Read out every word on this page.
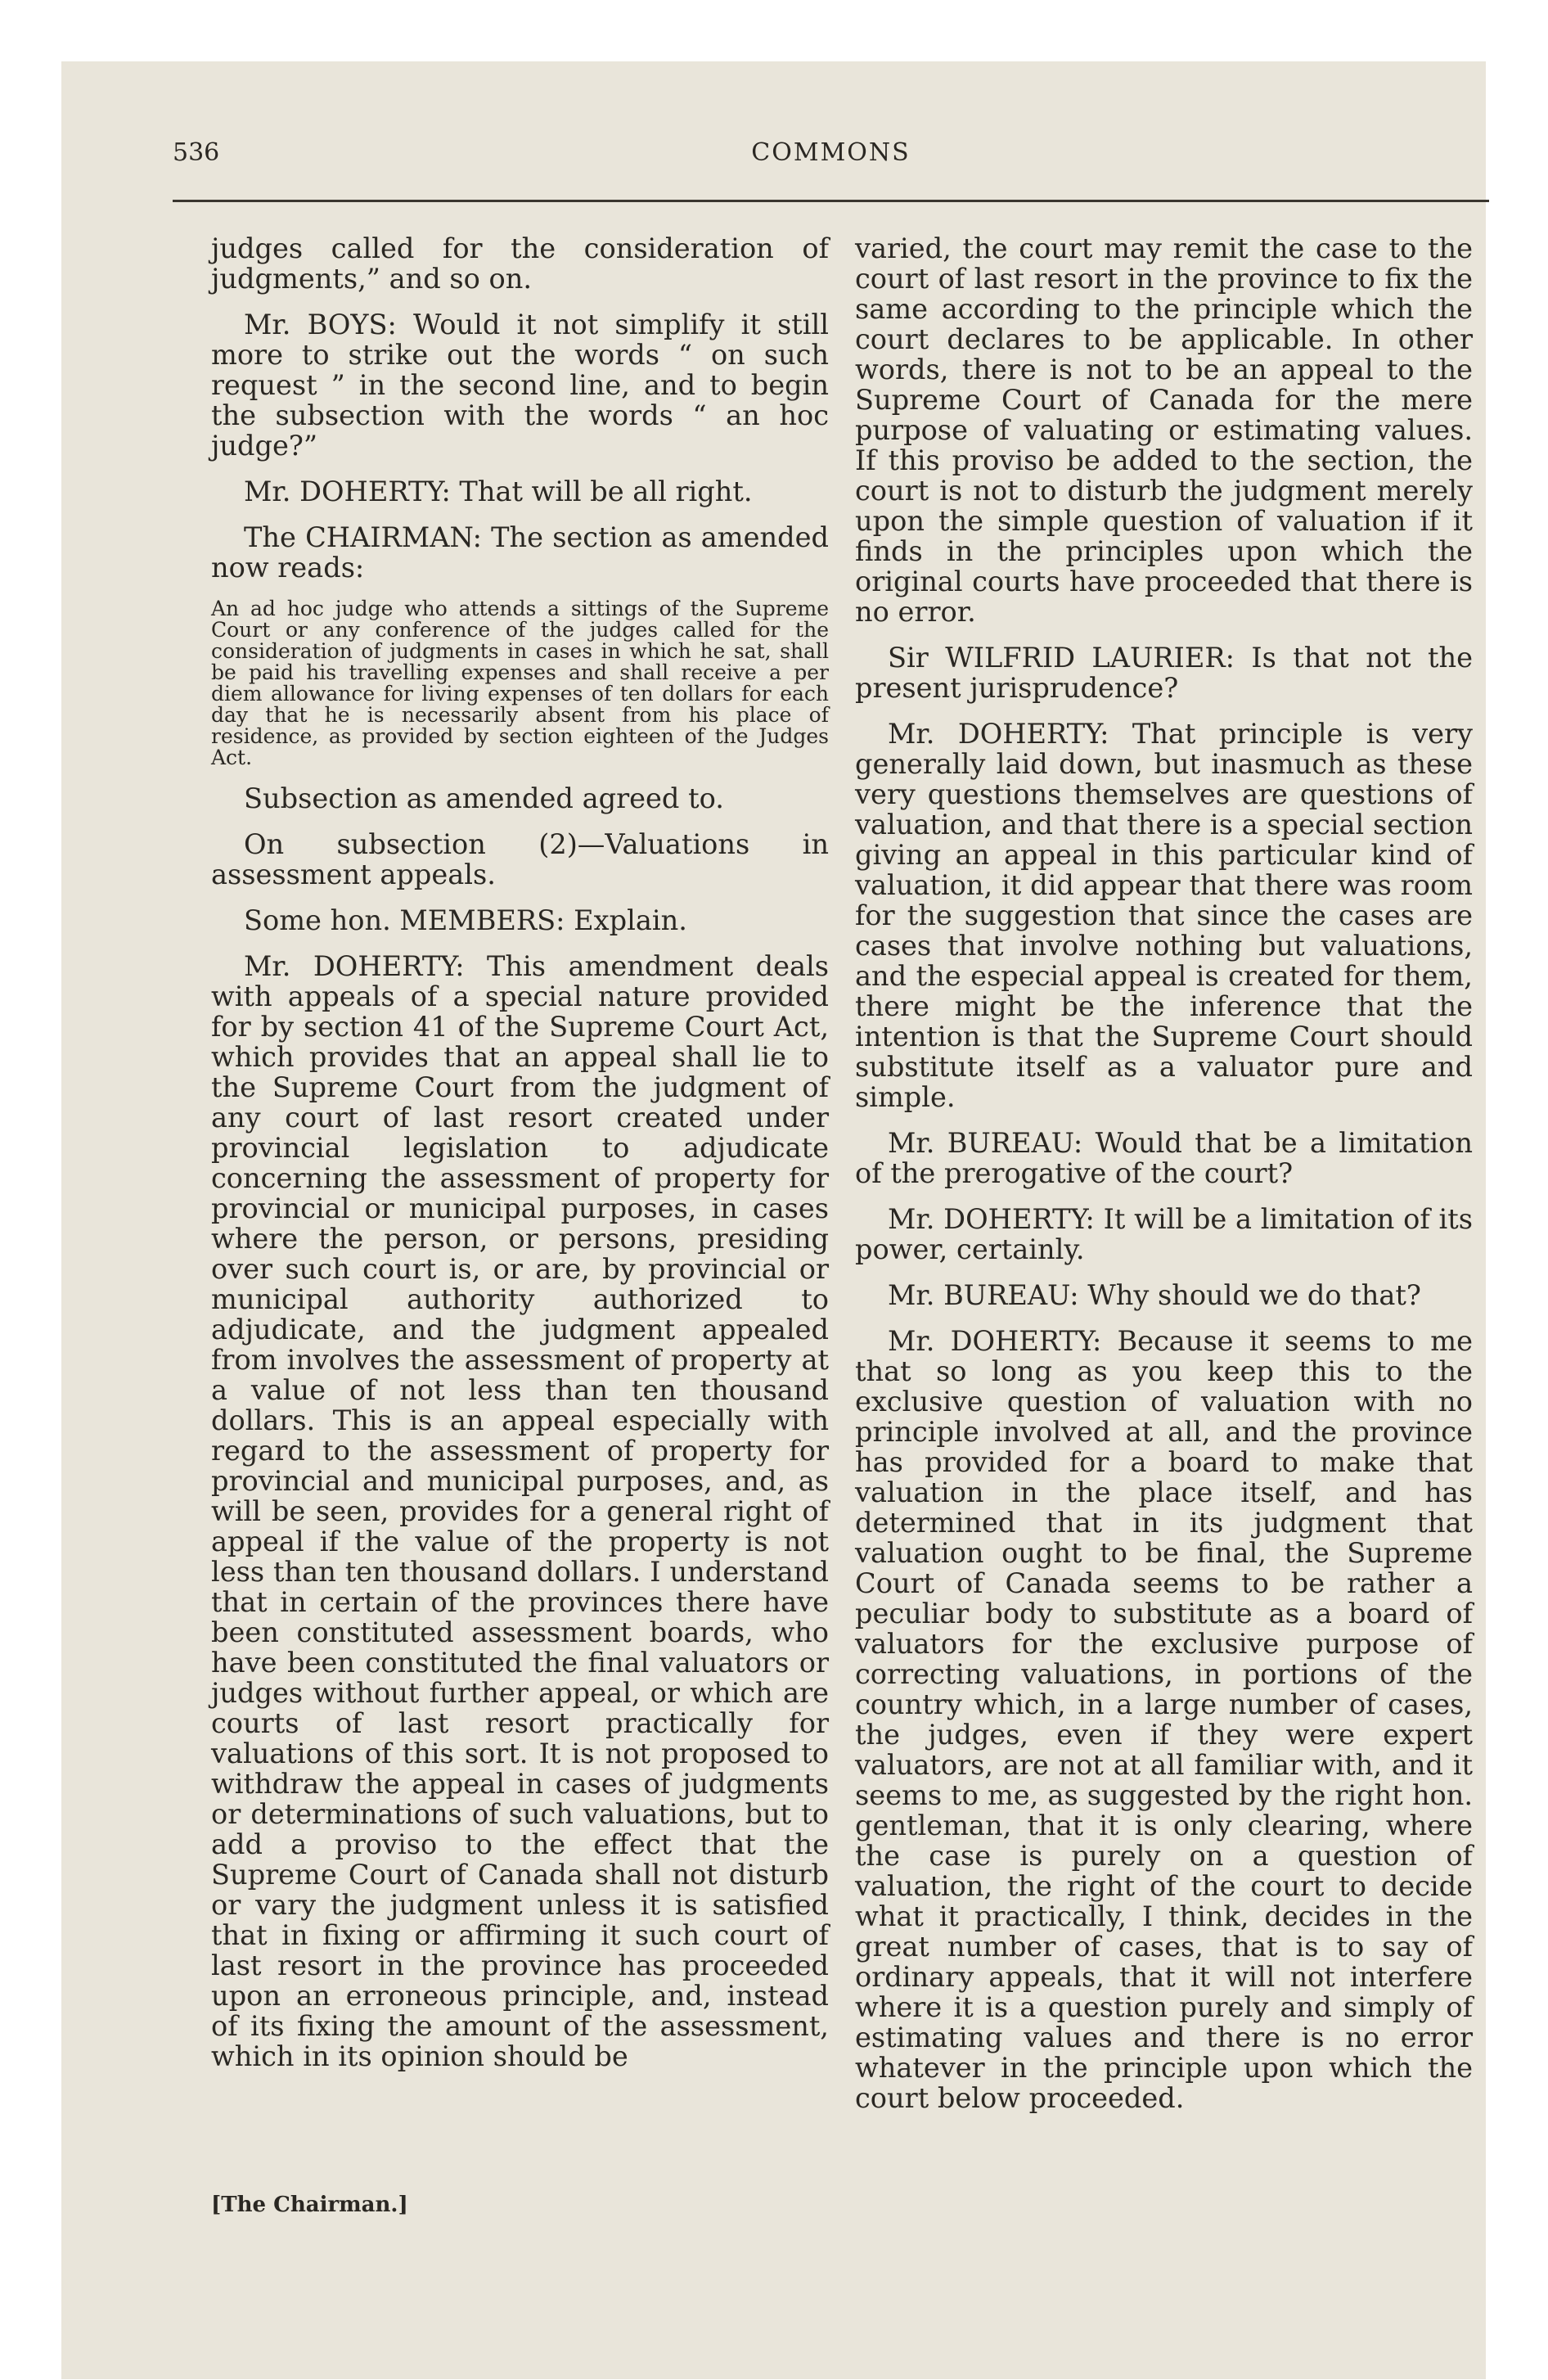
536	COMMONS

judges called for the consideration of judgments,” and so on.

Mr. BOYS: Would it not simplify it still more to strike out the words “ on such request ” in the second line, and to begin the subsection with the words “ an hoc judge?”

Mr. DOHERTY: That will be all right.

The CHAIRMAN: The section as amended now reads:

An ad hoc judge who attends a sittings of the Supreme Court or any conference of the judges called for the consideration of judgments in cases in which he sat, shall be paid his travelling expenses and shall receive a per diem allowance for living expenses of ten dollars for each day that he is necessarily absent from his place of residence, as provided by section eighteen of the Judges Act.

Subsection as amended agreed to.

On subsection (2)—Valuations in assessment appeals.

Some hon. MEMBERS: Explain.

Mr. DOHERTY: This amendment deals with appeals of a special nature provided for by section 41 of the Supreme Court Act, which provides that an appeal shall lie to the Supreme Court from the judgment of any court of last resort created under provincial legislation to adjudicate concerning the assessment of property for provincial or municipal purposes, in cases where the person, or persons, presiding over such court is, or are, by provincial or municipal authority authorized to adjudicate, and the judgment appealed from involves the assessment of property at a value of not less than ten thousand dollars. This is an appeal especially with regard to the assessment of property for provincial and municipal purposes, and, as will be seen, provides for a general right of appeal if the value of the property is not less than ten thousand dollars. I understand that in certain of the provinces there have been constituted assessment boards, who have been constituted the final valuators or judges without further appeal, or which are courts of last resort practically for valuations of this sort. It is not proposed to withdraw the appeal in cases of judgments or determinations of such valuations, but to add a proviso to the effect that the Supreme Court of Canada shall not disturb or vary the judgment unless it is satisfied that in fixing or affirming it such court of last resort in the province has proceeded upon an erroneous principle, and, instead of its fixing the amount of the assessment, which in its opinion should be

varied, the court may remit the case to the court of last resort in the province to fix the same according to the principle which the court declares to be applicable. In other words, there is not to be an appeal to the Supreme Court of Canada for the mere purpose of valuating or estimating values. If this proviso be added to the section, the court is not to disturb the judgment merely upon the simple question of valuation if it finds in the principles upon which the original courts have proceeded that there is no error.

Sir WILFRID LAURIER: Is that not the present jurisprudence?

Mr. DOHERTY: That principle is very generally laid down, but inasmuch as these very questions themselves are questions of valuation, and that there is a special section giving an appeal in this particular kind of valuation, it did appear that there was room for the suggestion that since the cases are cases that involve nothing but valuations, and the especial appeal is created for them, there might be the inference that the intention is that the Supreme Court should substitute itself as a valuator pure and simple.

Mr. BUREAU: Would that be a limitation of the prerogative of the court?

Mr. DOHERTY: It will be a limitation of its power, certainly.

Mr. BUREAU: Why should we do that?

Mr. DOHERTY: Because it seems to me that so long as you keep this to the exclusive question of valuation with no principle involved at all, and the province has provided for a board to make that valuation in the place itself, and has determined that in its judgment that valuation ought to be final, the Supreme Court of Canada seems to be rather a peculiar body to substitute as a board of valuators for the exclusive purpose of correcting valuations, in portions of the country which, in a large number of cases, the judges, even if they were expert valuators, are not at all familiar with, and it seems to me, as suggested by the right hon. gentleman, that it is only clearing, where the case is purely on a question of valuation, the right of the court to decide what it practically, I think, decides in the great number of cases, that is to say of ordinary appeals, that it will not interfere where it is a question purely and simply of estimating values and there is no error whatever in the principle upon which the court below proceeded.

[The Chairman.]
